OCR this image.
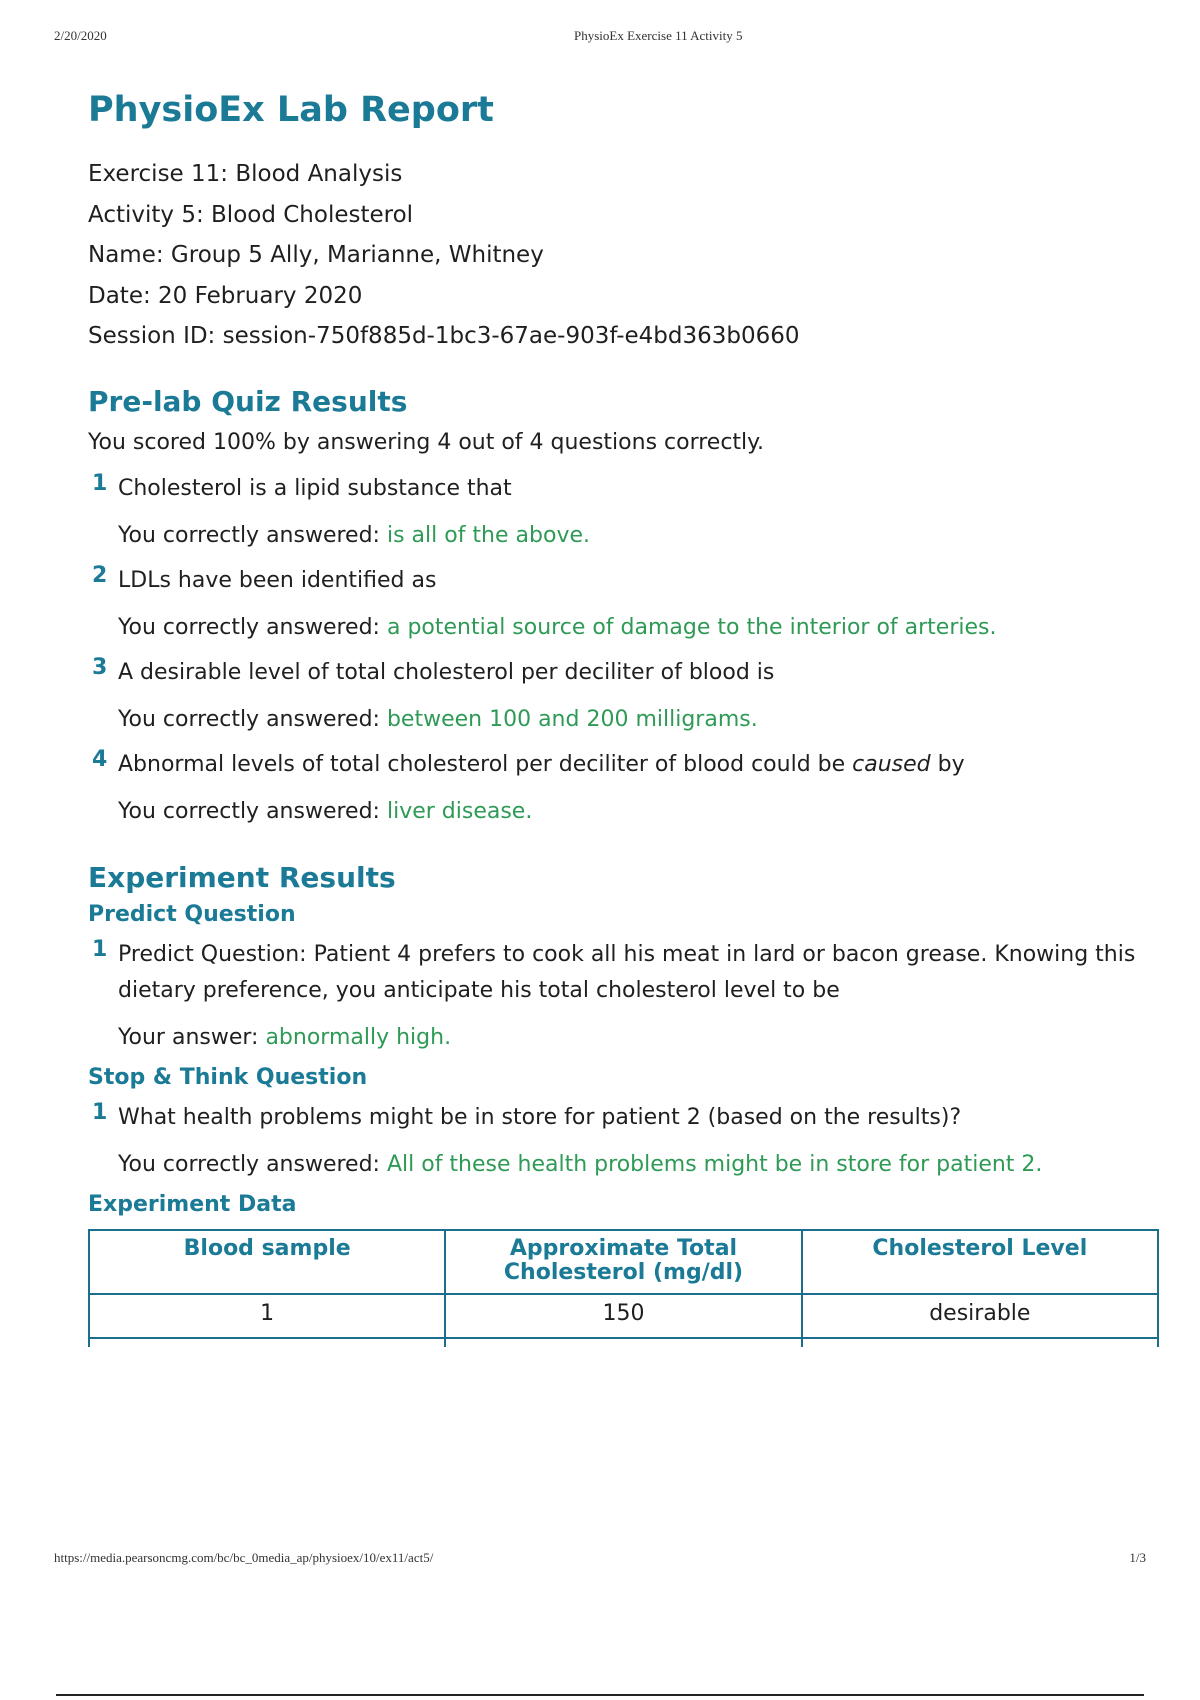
2/20/2020	PhysioEx Exercise 11 Activity 5
PhysioEx Lab Report

Exercise 11: Blood Analysis

Activity 5: Blood Cholesterol

Name: Group 5 Ally, Marianne, Whitney

Date: 20 February 2020

Session ID: session-750f885d-1bc3-67ae-903f-e4bd363b0660

Pre-lab Quiz Results

You scored 100% by answering 4 out of 4 questions correctly.

1 Cholesterol is a lipid substance that
You correctly answered: is all of the above.
2 LDLs have been identified as
You correctly answered: a potential source of damage to the interior of arteries.
3 A desirable level of total cholesterol per deciliter of blood is
You correctly answered: between 100 and 200 milligrams.
4 Abnormal levels of total cholesterol per deciliter of blood could be caused by
You correctly answered: liver disease.
Experiment Results
Predict Question
1 Predict Question: Patient 4 prefers to cook all his meat in lard or bacon grease. Knowing this dietary preference, you anticipate his total cholesterol level to be
Your answer: abnormally high.
Stop & Think Question
1 What health problems might be in store for patient 2 (based on the results)?
You correctly answered: All of these health problems might be in store for patient 2.
Experiment Data
Blood sample	Approximate Total Cholesterol (mg/dl)	Cholesterol Level
1	150	desirable

https://media.pearsoncmg.com/bc/bc_0media_ap/physioex/10/ex11/act5/	1/3
